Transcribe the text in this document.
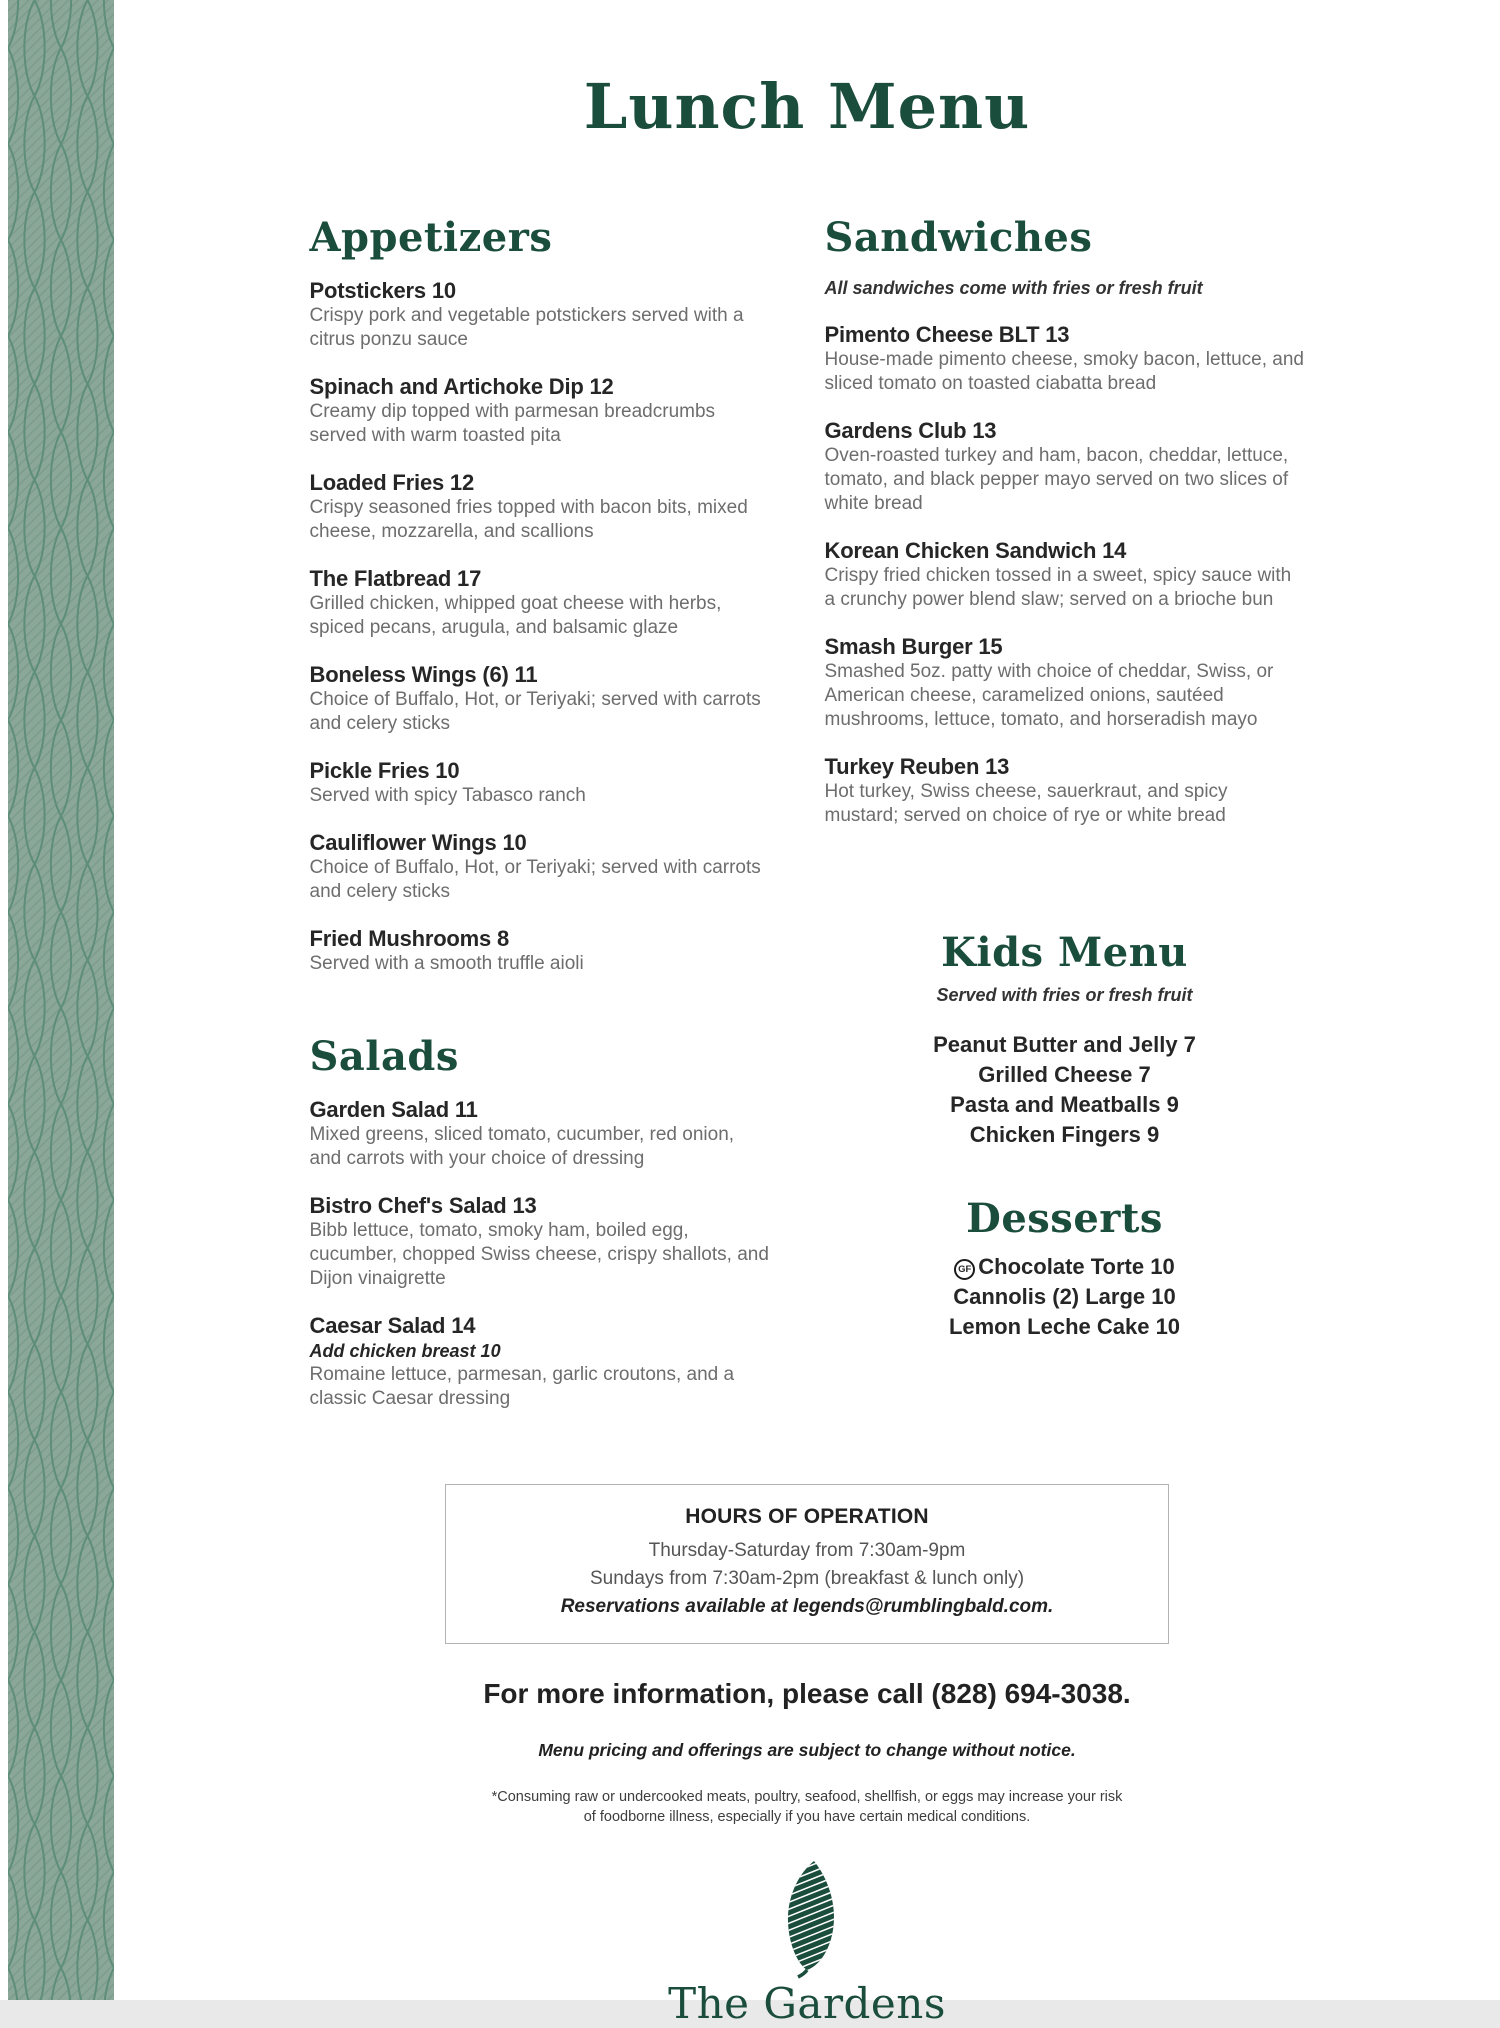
Lunch Menu
Appetizers
Potstickers 10
Crispy pork and vegetable potstickers served with a citrus ponzu sauce
Spinach and Artichoke Dip 12
Creamy dip topped with parmesan breadcrumbs served with warm toasted pita
Loaded Fries 12
Crispy seasoned fries topped with bacon bits, mixed cheese, mozzarella, and scallions
The Flatbread 17
Grilled chicken, whipped goat cheese with herbs, spiced pecans, arugula, and balsamic glaze
Boneless Wings (6) 11
Choice of Buffalo, Hot, or Teriyaki; served with carrots and celery sticks
Pickle Fries 10
Served with spicy Tabasco ranch
Cauliflower Wings 10
Choice of Buffalo, Hot, or Teriyaki; served with carrots and celery sticks
Fried Mushrooms 8
Served with a smooth truffle aioli
Salads
Garden Salad 11
Mixed greens, sliced tomato, cucumber, red onion, and carrots with your choice of dressing
Bistro Chef's Salad 13
Bibb lettuce, tomato, smoky ham, boiled egg, cucumber, chopped Swiss cheese, crispy shallots, and Dijon vinaigrette
Caesar Salad 14
Add chicken breast 10
Romaine lettuce, parmesan, garlic croutons, and a classic Caesar dressing
Sandwiches
All sandwiches come with fries or fresh fruit
Pimento Cheese BLT 13
House-made pimento cheese, smoky bacon, lettuce, and sliced tomato on toasted ciabatta bread
Gardens Club 13
Oven-roasted turkey and ham, bacon, cheddar, lettuce, tomato, and black pepper mayo served on two slices of white bread
Korean Chicken Sandwich 14
Crispy fried chicken tossed in a sweet, spicy sauce with a crunchy power blend slaw; served on a brioche bun
Smash Burger 15
Smashed 5oz. patty with choice of cheddar, Swiss, or American cheese, caramelized onions, sautéed mushrooms, lettuce, tomato, and horseradish mayo
Turkey Reuben 13
Hot turkey, Swiss cheese, sauerkraut, and spicy mustard; served on choice of rye or white bread
Kids Menu
Served with fries or fresh fruit
Peanut Butter and Jelly 7
Grilled Cheese 7
Pasta and Meatballs 9
Chicken Fingers 9
Desserts
GF Chocolate Torte 10
Cannolis (2) Large 10
Lemon Leche Cake 10
HOURS OF OPERATION
Thursday-Saturday from 7:30am-9pm
Sundays from 7:30am-2pm (breakfast & lunch only)
Reservations available at legends@rumblingbald.com.
For more information, please call (828) 694-3038.
Menu pricing and offerings are subject to change without notice.
*Consuming raw or undercooked meats, poultry, seafood, shellfish, or eggs may increase your risk of foodborne illness, especially if you have certain medical conditions.
The Gardens
